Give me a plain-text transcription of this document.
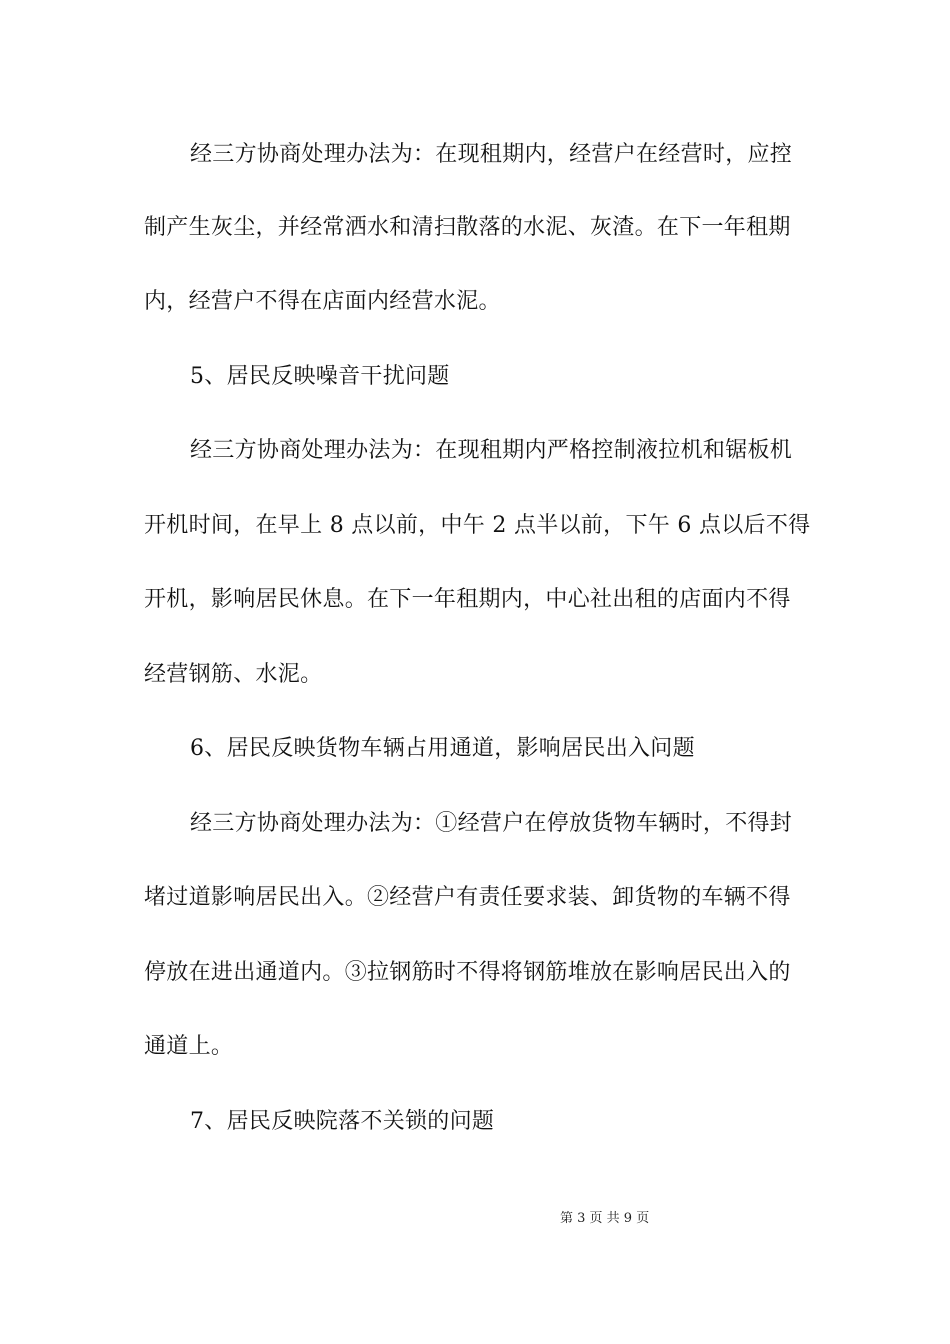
经三方协商处理办法为：在现租期内，经营户在经营时，应控
制产生灰尘，并经常洒水和清扫散落的水泥、灰渣。在下一年租期
内，经营户不得在店面内经营水泥。
5、居民反映噪音干扰问题
经三方协商处理办法为：在现租期内严格控制液拉机和锯板机
开机时间，在早上 8 点以前，中午 2 点半以前，下午 6 点以后不得
开机，影响居民休息。在下一年租期内，中心社出租的店面内不得
经营钢筋、水泥。
6、居民反映货物车辆占用通道，影响居民出入问题
经三方协商处理办法为：①经营户在停放货物车辆时，不得封
堵过道影响居民出入。②经营户有责任要求装、卸货物的车辆不得
停放在进出通道内。③拉钢筋时不得将钢筋堆放在影响居民出入的
通道上。
7、居民反映院落不关锁的问题
第 3 页 共 9 页
